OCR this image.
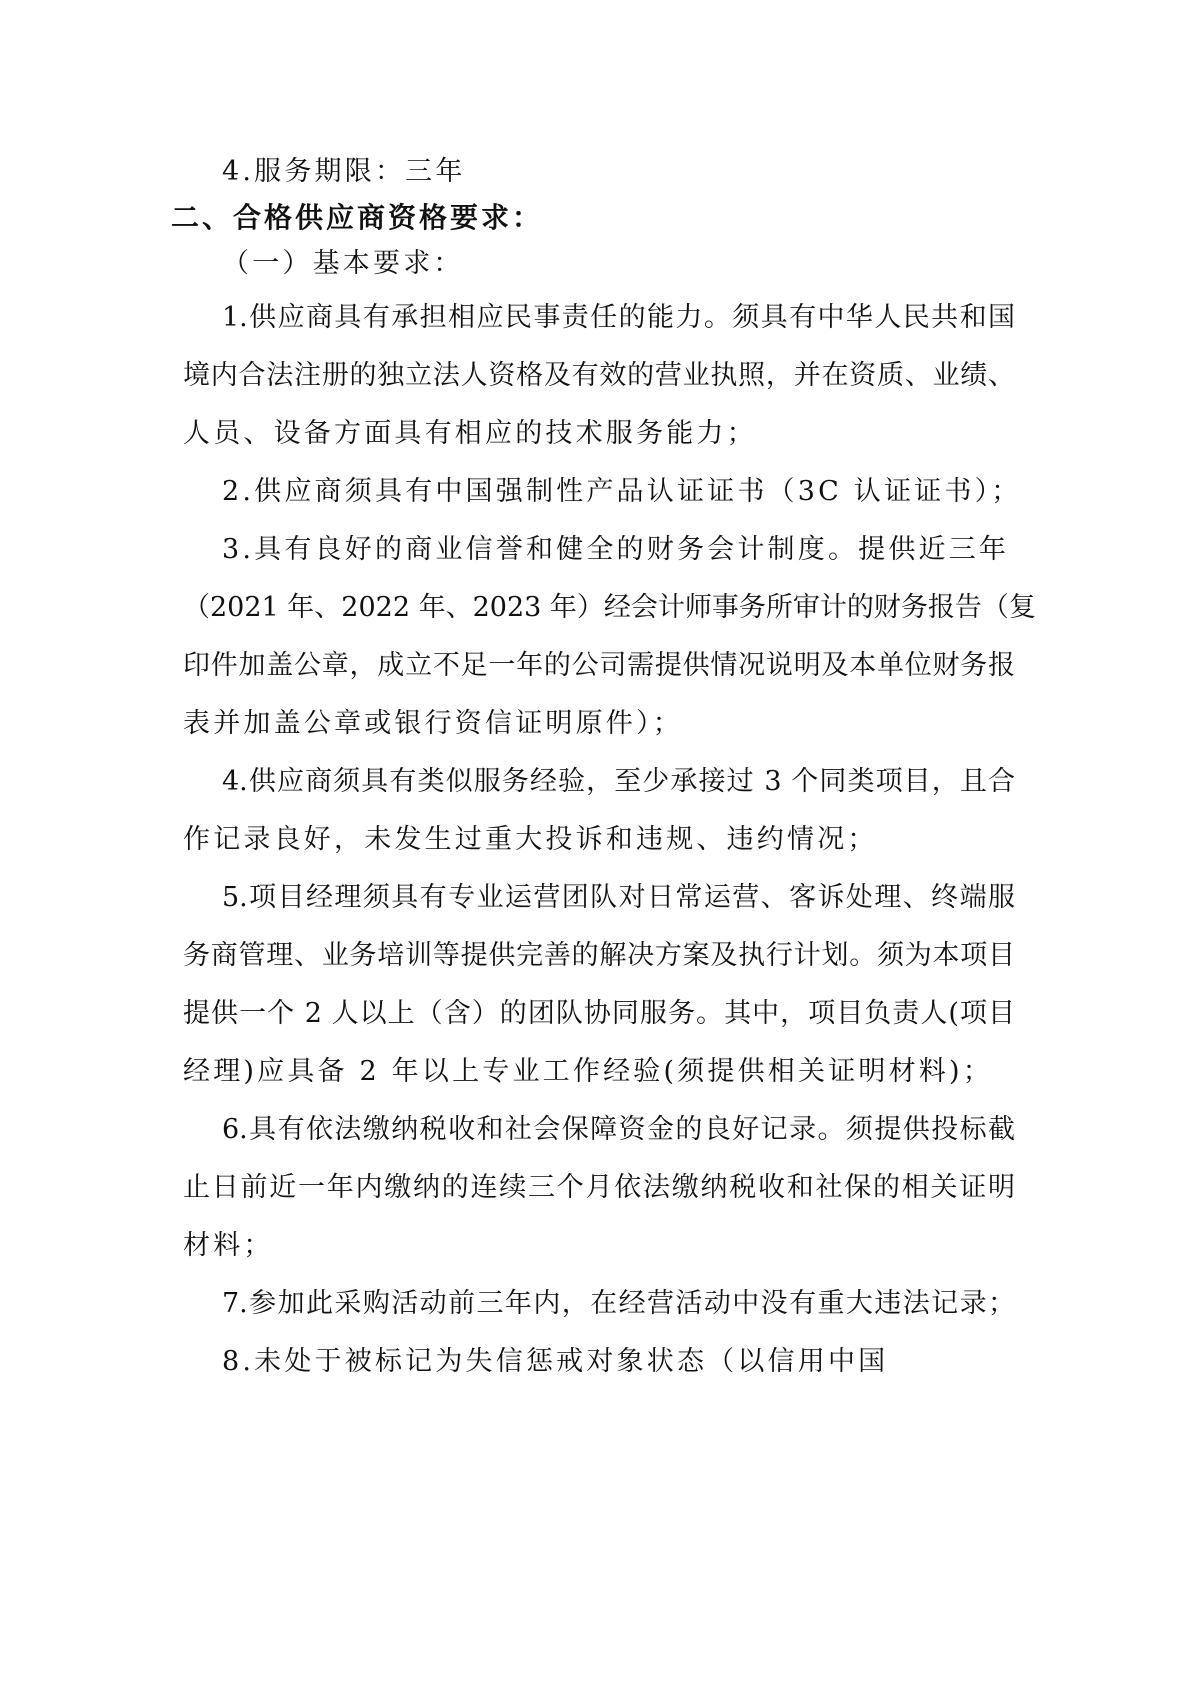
4.服务期限：三年
二、合格供应商资格要求：
（一）基本要求：
1.供应商具有承担相应民事责任的能力。须具有中华人民共和国
境内合法注册的独立法人资格及有效的营业执照，并在资质、业绩、
人员、设备方面具有相应的技术服务能力；
2.供应商须具有中国强制性产品认证证书（3C 认证证书）；
3.具有良好的商业信誉和健全的财务会计制度。提供近三年
（2021 年、2022 年、2023 年）经会计师事务所审计的财务报告（复
印件加盖公章，成立不足一年的公司需提供情况说明及本单位财务报
表并加盖公章或银行资信证明原件）；
4.供应商须具有类似服务经验，至少承接过 3 个同类项目，且合
作记录良好，未发生过重大投诉和违规、违约情况；
5.项目经理须具有专业运营团队对日常运营、客诉处理、终端服
务商管理、业务培训等提供完善的解决方案及执行计划。须为本项目
提供一个 2 人以上（含）的团队协同服务。其中，项目负责人(项目
经理)应具备 2 年以上专业工作经验(须提供相关证明材料)；
6.具有依法缴纳税收和社会保障资金的良好记录。须提供投标截
止日前近一年内缴纳的连续三个月依法缴纳税收和社保的相关证明
材料；
7.参加此采购活动前三年内，在经营活动中没有重大违法记录；
8.未处于被标记为失信惩戒对象状态（以信用中国
